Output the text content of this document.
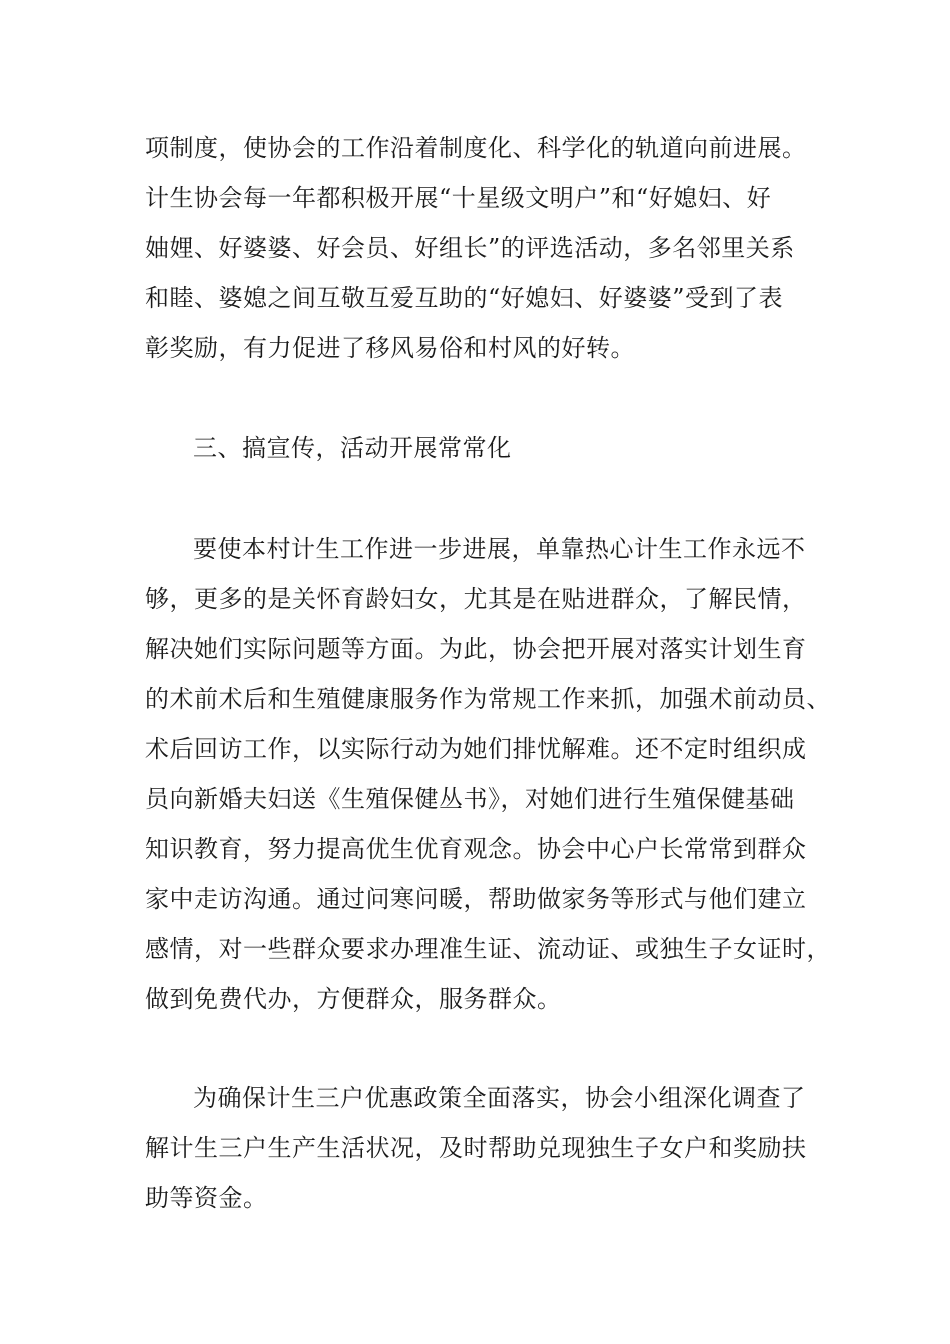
项制度，使协会的工作沿着制度化、科学化的轨道向前进展。
计生协会每一年都积极开展“十星级文明户”和“好媳妇、好
妯娌、好婆婆、好会员、好组长”的评选活动，多名邻里关系
和睦、婆媳之间互敬互爱互助的“好媳妇、好婆婆”受到了表
彰奖励，有力促进了移风易俗和村风的好转。
三、搞宣传，活动开展常常化
要使本村计生工作进一步进展，单靠热心计生工作永远不
够，更多的是关怀育龄妇女，尤其是在贴进群众，了解民情，
解决她们实际问题等方面。为此，协会把开展对落实计划生育
的术前术后和生殖健康服务作为常规工作来抓，加强术前动员、
术后回访工作，以实际行动为她们排忧解难。还不定时组织成
员向新婚夫妇送《生殖保健丛书》，对她们进行生殖保健基础
知识教育，努力提高优生优育观念。协会中心户长常常到群众
家中走访沟通。通过问寒问暖，帮助做家务等形式与他们建立
感情，对一些群众要求办理准生证、流动证、或独生子女证时，
做到免费代办，方便群众，服务群众。
为确保计生三户优惠政策全面落实，协会小组深化调查了
解计生三户生产生活状况，及时帮助兑现独生子女户和奖励扶
助等资金。
